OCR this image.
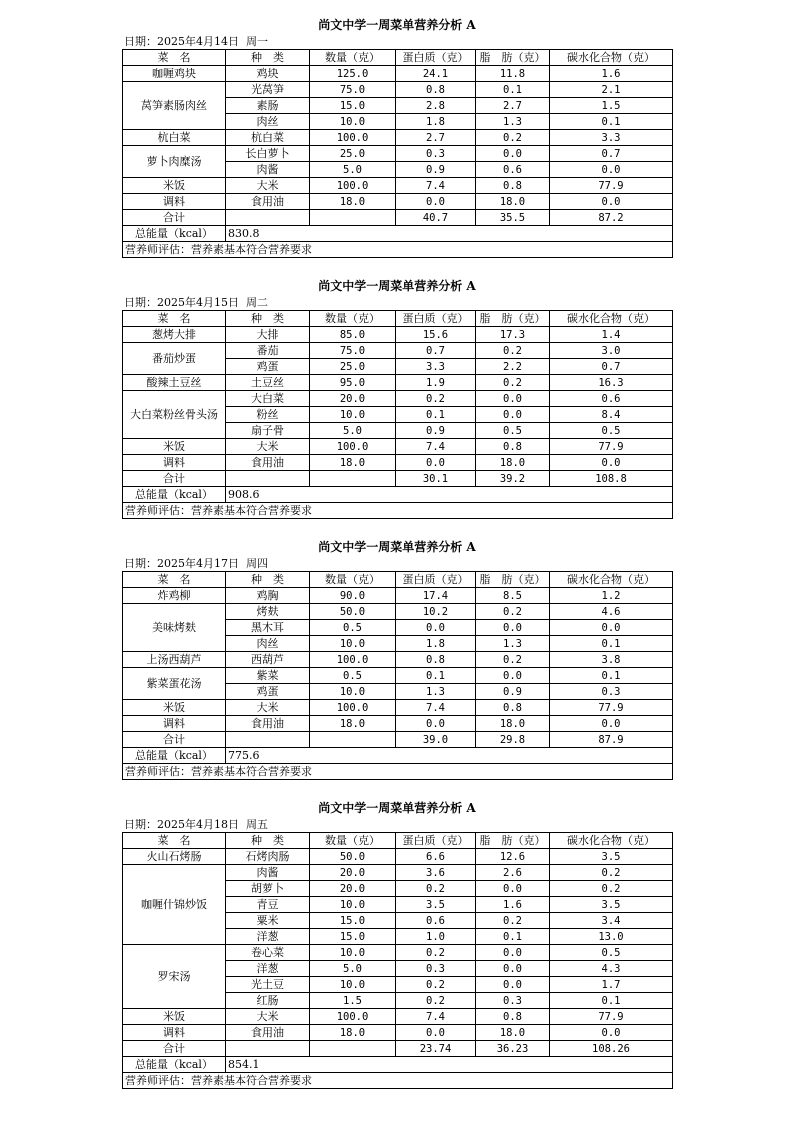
尚文中学一周菜单营养分析 A
日期：2025年4月14日  周一
菜　名	种　类	数量（克）	蛋白质（克）	脂　肪（克）	碳水化合物（克）
咖喱鸡块	鸡块	125.0	24.1	11.8	1.6
莴笋素肠肉丝	光莴笋	75.0	0.8	0.1	2.1
	素肠	15.0	2.8	2.7	1.5
	肉丝	10.0	1.8	1.3	0.1
杭白菜	杭白菜	100.0	2.7	0.2	3.3
萝卜肉糜汤	长白萝卜	25.0	0.3	0.0	0.7
	肉酱	5.0	0.9	0.6	0.0
米饭	大米	100.0	7.4	0.8	77.9
调料	食用油	18.0	0.0	18.0	0.0
合计			40.7	35.5	87.2
总能量（kcal）	830.8				
营养师评估：营养素基本符合营养要求					
尚文中学一周菜单营养分析 A
日期：2025年4月15日  周二
菜　名	种　类	数量（克）	蛋白质（克）	脂　肪（克）	碳水化合物（克）
葱烤大排	大排	85.0	15.6	17.3	1.4
番茄炒蛋	番茄	75.0	0.7	0.2	3.0
	鸡蛋	25.0	3.3	2.2	0.7
酸辣土豆丝	土豆丝	95.0	1.9	0.2	16.3
大白菜粉丝骨头汤	大白菜	20.0	0.2	0.0	0.6
	粉丝	10.0	0.1	0.0	8.4
	扇子骨	5.0	0.9	0.5	0.5
米饭	大米	100.0	7.4	0.8	77.9
调料	食用油	18.0	0.0	18.0	0.0
合计			30.1	39.2	108.8
总能量（kcal）	908.6				
营养师评估：营养素基本符合营养要求					
尚文中学一周菜单营养分析 A
日期：2025年4月17日  周四
菜　名	种　类	数量（克）	蛋白质（克）	脂　肪（克）	碳水化合物（克）
炸鸡柳	鸡胸	90.0	17.4	8.5	1.2
美味烤麸	烤麸	50.0	10.2	0.2	4.6
	黑木耳	0.5	0.0	0.0	0.0
	肉丝	10.0	1.8	1.3	0.1
上汤西葫芦	西葫芦	100.0	0.8	0.2	3.8
紫菜蛋花汤	紫菜	0.5	0.1	0.0	0.1
	鸡蛋	10.0	1.3	0.9	0.3
米饭	大米	100.0	7.4	0.8	77.9
调料	食用油	18.0	0.0	18.0	0.0
合计			39.0	29.8	87.9
总能量（kcal）	775.6				
营养师评估：营养素基本符合营养要求					
尚文中学一周菜单营养分析 A
日期：2025年4月18日  周五
菜　名	种　类	数量（克）	蛋白质（克）	脂　肪（克）	碳水化合物（克）
火山石烤肠	石烤肉肠	50.0	6.6	12.6	3.5
咖喱什锦炒饭	肉酱	20.0	3.6	2.6	0.2
	胡萝卜	20.0	0.2	0.0	0.2
	青豆	10.0	3.5	1.6	3.5
	粟米	15.0	0.6	0.2	3.4
	洋葱	15.0	1.0	0.1	13.0
罗宋汤	卷心菜	10.0	0.2	0.0	0.5
	洋葱	5.0	0.3	0.0	4.3
	光土豆	10.0	0.2	0.0	1.7
	红肠	1.5	0.2	0.3	0.1
米饭	大米	100.0	7.4	0.8	77.9
调料	食用油	18.0	0.0	18.0	0.0
合计			23.74	36.23	108.26
总能量（kcal）	854.1				
营养师评估：营养素基本符合营养要求					
